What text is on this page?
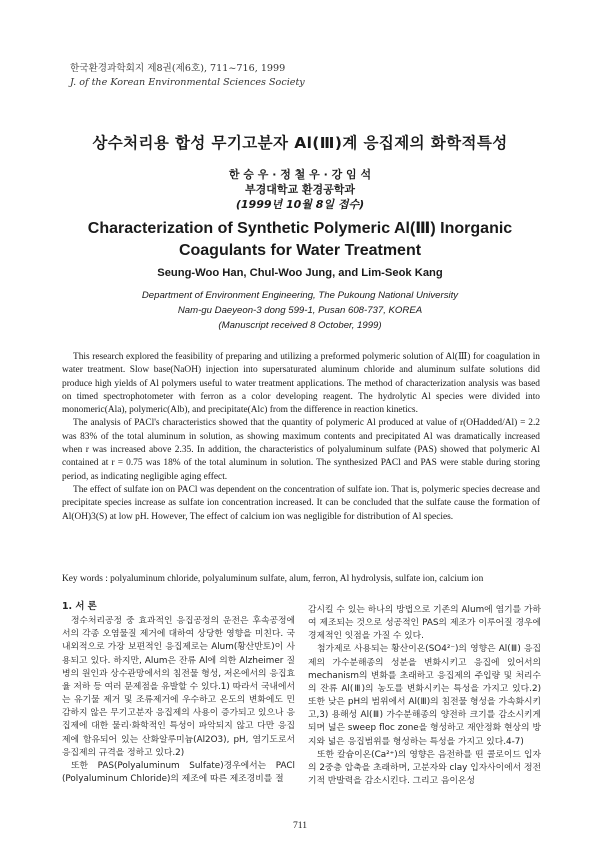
한국환경과학회지 제8권(제6호), 711~716, 1999
J. of the Korean Environmental Sciences Society
상수처리용 합성 무기고분자 Al(Ⅲ)계 응집제의 화학적특성
한 승 우 · 정 철 우 · 강 임 석
부경대학교 환경공학과
(1999년 10월 8일 접수)
Characterization of Synthetic Polymeric Al(Ⅲ) Inorganic
Coagulants for Water Treatment
Seung-Woo Han, Chul-Woo Jung, and Lim-Seok Kang
Department of Environment Engineering, The Pukoung National University
Nam-gu Daeyeon-3 dong 599-1, Pusan 608-737, KOREA
(Manuscript received 8 October, 1999)

This research explored the feasibility of preparing and utilizing a preformed polymeric solution of Al(Ⅲ) for coagulation in water treatment. Slow base(NaOH) injection into supersaturated aluminum chloride and aluminum sulfate solutions did produce high yields of Al polymers useful to water treatment applications. The method of characterization analysis was based on timed spectrophotometer with ferron as a color developing reagent. The hydrolytic Al species were divided into monomeric(Ala), polymeric(Alb), and precipitate(Alc) from the difference in reaction kinetics.

The analysis of PACl's characteristics showed that the quantity of polymeric Al produced at value of r(OHadded/Al) = 2.2 was 83% of the total aluminum in solution, as showing maximum contents and precipitated Al was dramatically increased when r was increased above 2.35. In addition, the characteristics of polyaluminum sulfate (PAS) showed that polymeric Al contained at r = 0.75 was 18% of the total aluminum in solution. The synthesized PACl and PAS were stable during storing period, as indicating negligible aging effect.

The effect of sulfate ion on PACl was dependent on the concentration of sulfate ion. That is, polymeric species decrease and precipitate species increase as sulfate ion concentration increased. It can be concluded that the sulfate cause the formation of Al(OH)3(S) at low pH. However, The effect of calcium ion was negligible for distribution of Al species.

Key words : polyaluminum chloride, polyaluminum sulfate, alum, ferron, Al hydrolysis, sulfate ion, calcium ion

1. 서 론

정수처리공정 중 효과적인 응집공정의 운전은 후속공정에서의 각종 오염물질 제거에 대하여 상당한 영향을 미친다. 국내외적으로 가장 보편적인 응집제로는 Alum(황산반토)이 사용되고 있다. 하지만, Alum은 잔류 Al에 의한 Alzheimer 질병의 원인과 상수관망에서의 침전물 형성, 저온에서의 응집효율 저하 등 여러 문제점을 유발할 수 있다.1) 따라서 국내에서는 유기물 제거 및 조류제거에 우수하고 온도의 변화에도 민감하지 않은 무기고분자 응집제의 사용이 증가되고 있으나 응집제에 대한 물리·화학적인 특성이 파악되지 않고 다만 응집제에 함유되어 있는 산화알루미늄(Al2O3), pH, 염기도로서 응집제의 규격을 정하고 있다.2)

또한 PAS(Polyaluminum Sulfate)경우에서는 PACl (Polyaluminum Chloride)의 제조에 따른 제조경비를 절

감시킬 수 있는 하나의 방법으로 기존의 Alum에 염기를 가하여 제조되는 것으로 성공적인 PAS의 제조가 이루어질 경우에 경제적인 잇점을 가질 수 있다.

첨가제로 사용되는 황산이온(SO4²⁻)의 영향은 Al(Ⅲ) 응집제의 가수분해종의 성분을 변화시키고 응집에 있어서의 mechanism의 변화를 초래하고 응집제의 주입량 및 처리수의 잔류 Al(Ⅲ)의 농도를 변화시키는 특성을 가지고 있다.2) 또한 낮은 pH의 범위에서 Al(Ⅲ)의 침전물 형성을 가속화시키고,3) 용해성 Al(Ⅲ) 가수분해종의 양전하 크기를 감소시키게 되며 넓은 sweep floc zone을 형성하고 재안정화 현상의 방지와 넓은 응집범위를 형성하는 특성을 가지고 있다.4-7)

또한 칼슘이온(Ca²⁺)의 영향은 음전하를 띤 콜로이드 입자의 2중층 압축을 초래하며, 고분자와 clay 입자사이에서 정전기적 반발력을 감소시킨다. 그리고 음이온성

711
